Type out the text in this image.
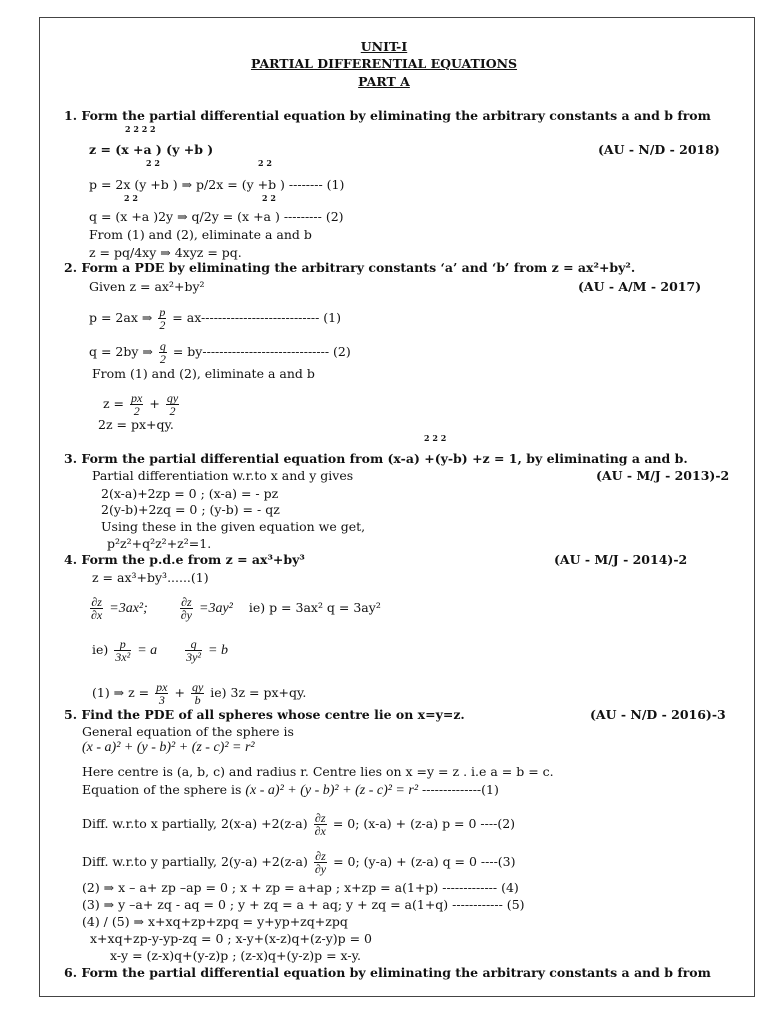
UNIT-I
PARTIAL DIFFERENTIAL EQUATIONS
PART A
1. Form the partial differential equation by eliminating the arbitrary constants a and b from
2 2 2 2
z = (x +a ) (y +b )	(AU - N/D - 2018)
2 2	2 2
p = 2x (y +b ) ⇒ p/2x = (y +b ) -------- (1)
2 2	2 2
q = (x +a )2y ⇒ q/2y = (x +a ) --------- (2)
From (1) and (2), eliminate a and b
z = pq/4xy ⇒ 4xyz = pq.
2. Form a PDE by eliminating the arbitrary constants ‘a’ and ‘b’ from z = ax²+by².
Given z = ax²+by²	(AU - A/M - 2017)
p = 2ax ⇒ $\frac{p}{2} = ax----------------------------$ (1)
q = 2by ⇒ $\frac{q}{2} = by------------------------------$ (2)
From (1) and (2), eliminate a and b
$z = \frac{px}{2} + \frac{qy}{2}$
2z = px+qy.
2 2 2
3. Form the partial differential equation from (x-a) +(y-b) +z = 1, by eliminating a and b.
Partial differentiation w.r.to x and y gives	(AU - M/J - 2013)-2
2(x-a)+2zp = 0 ; (x-a) = - pz
2(y-b)+2zq = 0 ; (y-b) = - qz
Using these in the given equation we get,
p²z²+q²z²+z²=1.
4. Form the p.d.e from z = ax³+by³	(AU - M/J - 2014)-2
z = ax³+by³......(1)
$\frac{\partial z}{\partial x} =3ax^2$;	$\frac{\partial z}{\partial y} =3ay^2$ ie) p = 3ax² q = 3ay²
$ie) \frac{p}{\text{3x²}} = a \frac{q}{\text{3y²}} = b$
(1) ⇒ $z = \frac{px}{3} + \frac{qy}{b} ie$) 3z = px+qy.
5. Find the PDE of all spheres whose centre lie on x=y=z.	(AU - N/D - 2016)-3
General equation of the sphere is
(x - a)² + (y - b)² + (z - c)² = r²
Here centre is (a, b, c) and radius r. Centre lies on x =y = z . i.e a = b = c.
Equation of the sphere is (x - a)² + (y - b)² + (z - c)² = r² --------------(1)
Diff. w.r.to x partially, $2(x-a) +2(z-a) \frac{\partial z}{\partial x} = 0$; (x-a) + (z-a) p = 0 ----(2)
Diff. w.r.to y partially, $2(y-a) +2(z-a) \frac{\partial z}{\partial y} = 0$; (y-a) + (z-a) q = 0 ----(3)
(2) ⇒ x – a+ zp –ap = 0 ; x + zp = a+ap ; x+zp = a(1+p) ------------- (4)
(3) ⇒ y –a+ zq - aq = 0 ; y + zq = a + aq; y + zq = a(1+q) ------------ (5)
(4) / (5) ⇒ x+xq+zp+zpq = y+yp+zq+zpq
x+xq+zp-y-yp-zq = 0 ; x-y+(x-z)q+(z-y)p = 0
x-y = (z-x)q+(y-z)p ; (z-x)q+(y-z)p = x-y.
6. Form the partial differential equation by eliminating the arbitrary constants a and b from
